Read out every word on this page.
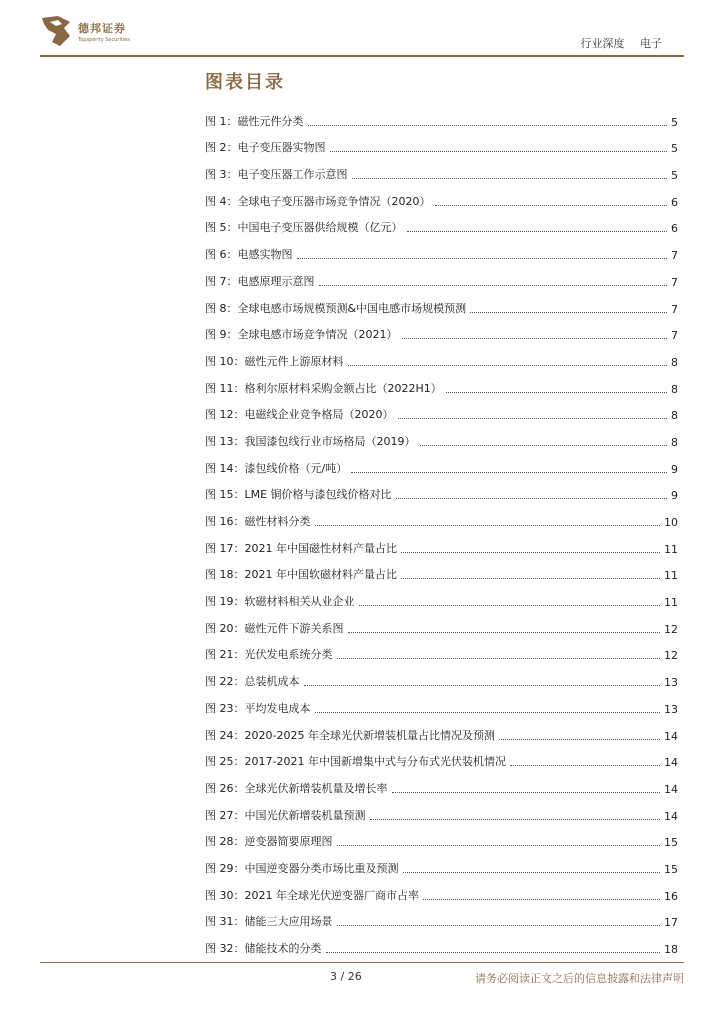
德邦证券
Topsperity Securities	行业深度 电子
图表目录
图 1：磁性元件分类	5
图 2：电子变压器实物图	5
图 3：电子变压器工作示意图	5
图 4：全球电子变压器市场竞争情况（2020）	6
图 5：中国电子变压器供给规模（亿元）	6
图 6：电感实物图	7
图 7：电感原理示意图	7
图 8：全球电感市场规模预测&中国电感市场规模预测	7
图 9：全球电感市场竞争情况（2021）	7
图 10：磁性元件上游原材料	8
图 11：格利尔原材料采购金额占比（2022H1）	8
图 12：电磁线企业竞争格局（2020）	8
图 13：我国漆包线行业市场格局（2019）	8
图 14：漆包线价格（元/吨）	9
图 15：LME 铜价格与漆包线价格对比	9
图 16：磁性材料分类	10
图 17：2021 年中国磁性材料产量占比	11
图 18：2021 年中国软磁材料产量占比	11
图 19：软磁材料相关从业企业	11
图 20：磁性元件下游关系图	12
图 21：光伏发电系统分类	12
图 22：总装机成本	13
图 23：平均发电成本	13
图 24：2020-2025 年全球光伏新增装机量占比情况及预测	14
图 25：2017-2021 年中国新增集中式与分布式光伏装机情况	14
图 26：全球光伏新增装机量及增长率	14
图 27：中国光伏新增装机量预测	14
图 28：逆变器简要原理图	15
图 29：中国逆变器分类市场比重及预测	15
图 30：2021 年全球光伏逆变器厂商市占率	16
图 31：储能三大应用场景	17
图 32：储能技术的分类	18
3 / 26	请务必阅读正文之后的信息披露和法律声明
